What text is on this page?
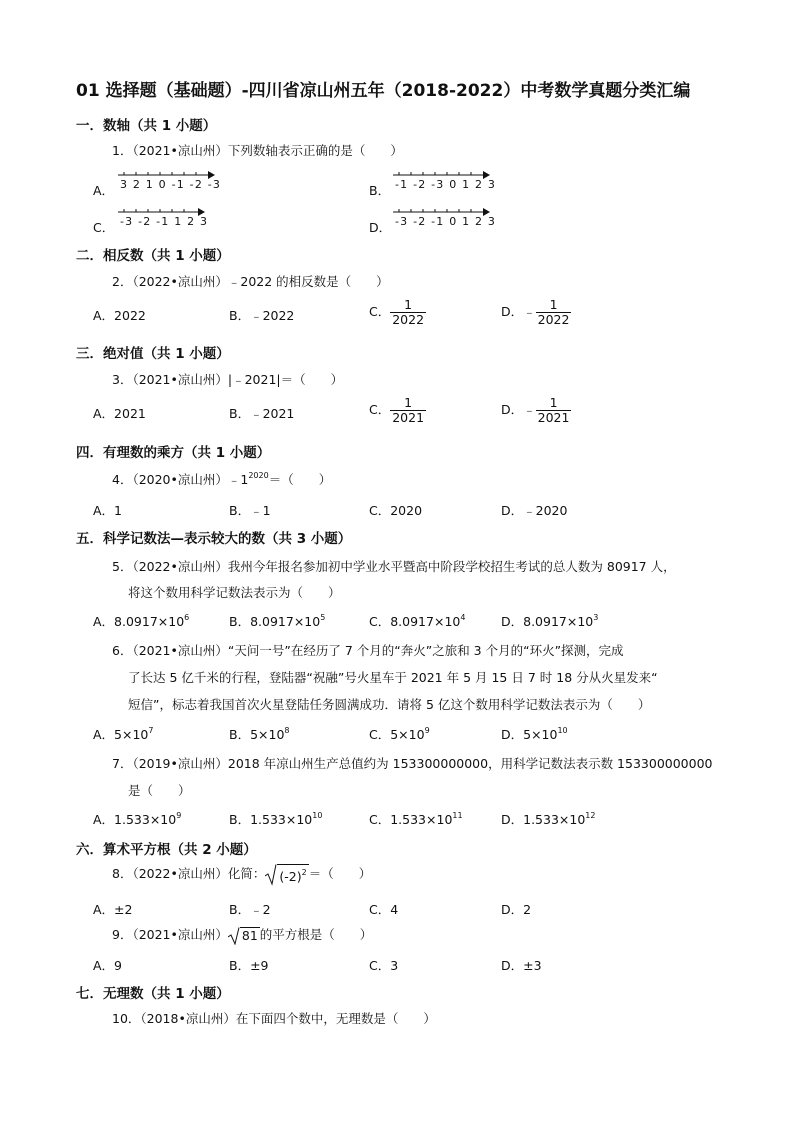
01 选择题（基础题）-四川省凉山州五年（2018-2022）中考数学真题分类汇编
一．数轴（共 1 小题）
1．（2021•凉山州）下列数轴表示正确的是（　　）
A． 3 2 1 0 -1 -2 -3	B． -1 -2 -3 0 1 2 3
C． -3 -2 -1 1 2 3	D． -3 -2 -1 0 1 2 3
二．相反数（共 1 小题）
2．（2022•凉山州）﹣2022 的相反数是（　　）
A．2022	B．﹣2022	C． $\frac{1}{2022}$	D．﹣ $\frac{1}{2022}$
三．绝对值（共 1 小题）
3．（2021•凉山州）|﹣2021|＝（　　）
A．2021	B．﹣2021	C． $\frac{1}{2021}$	D．﹣ $\frac{1}{2021}$
四．有理数的乘方（共 1 小题）
4．（2020•凉山州）$﹣1^{2020}=$（　　）
A．1	B．﹣1	C．2020	D．﹣2020
五．科学记数法—表示较大的数（共 3 小题）
5．（2022•凉山州）我州今年报名参加初中学业水平暨高中阶段学校招生考试的总人数为 80917 人，
将这个数用科学记数法表示为（　　）
A．$8.0917\times 10^6$	B．$8.0917\times 10^5$	C．$8.0917\times 10^4$	D．$8.0917\times 10^3$
6．（2021•凉山州）“天问一号”在经历了 7 个月的“奔火”之旅和 3 个月的“环火”探测，完成
了长达 5 亿千米的行程，登陆器“祝融”号火星车于 2021 年 5 月 15 日 7 时 18 分从火星发来“
短信”，标志着我国首次火星登陆任务圆满成功．请将 5 亿这个数用科学记数法表示为（　　）
A．$5\times 10^7$	B．$5\times 10^8$	C．$5\times 10^9$	D．$5\times 10^{10}$
7．（2019•凉山州）2018 年凉山州生产总值约为 153300000000，用科学记数法表示数 153300000000
是（　　）
A．$1.533\times 10^9$	B．$1.533\times 10^{10}$	C．$1.533\times 10^{11}$	D．$1.533\times 10^{12}$
六．算术平方根（共 2 小题）
8．（2022•凉山州）化简： $(-2)^2$ ＝（　　）
A．±2	B．﹣2	C．4	D．2
9．（2021•凉山州） 81 的平方根是（　　）
A．9	B．±9	C．3	D．±3
七．无理数（共 1 小题）
10．（2018•凉山州）在下面四个数中，无理数是（　　）
